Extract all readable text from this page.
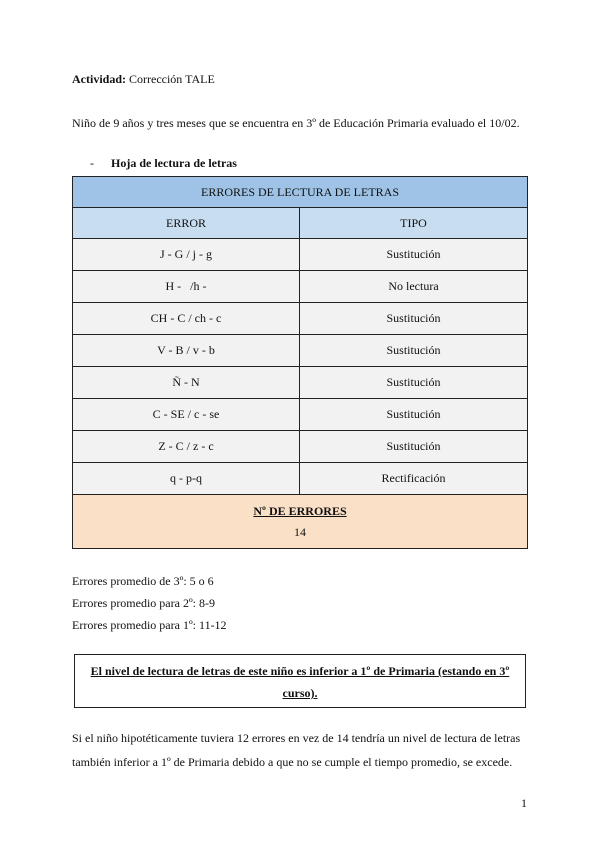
Actividad: Corrección TALE
Niño de 9 años y tres meses que se encuentra en 3º de Educación Primaria evaluado el 10/02.
- Hoja de lectura de letras
ERRORES DE LECTURA DE LETRAS	
ERROR	TIPO
J - G / j - g	Sustitución
H -   /h -	No lectura
CH - C / ch - c	Sustitución
V - B / v - b	Sustitución
Ñ - N	Sustitución
C - SE / c - se	Sustitución
Z - C / z - c	Sustitución
q - p-q	Rectificación

Nº DE ERRORES
14	
Errores promedio de 3º: 5 o 6
Errores promedio para 2º: 8-9
Errores promedio para 1º: 11-12
El nivel de lectura de letras de este niño es inferior a 1º de Primaria (estando en 3º
curso).
Si el niño hipotéticamente tuviera 12 errores en vez de 14 tendría un nivel de lectura de letras
también inferior a 1º de Primaria debido a que no se cumple el tiempo promedio, se excede.
1
